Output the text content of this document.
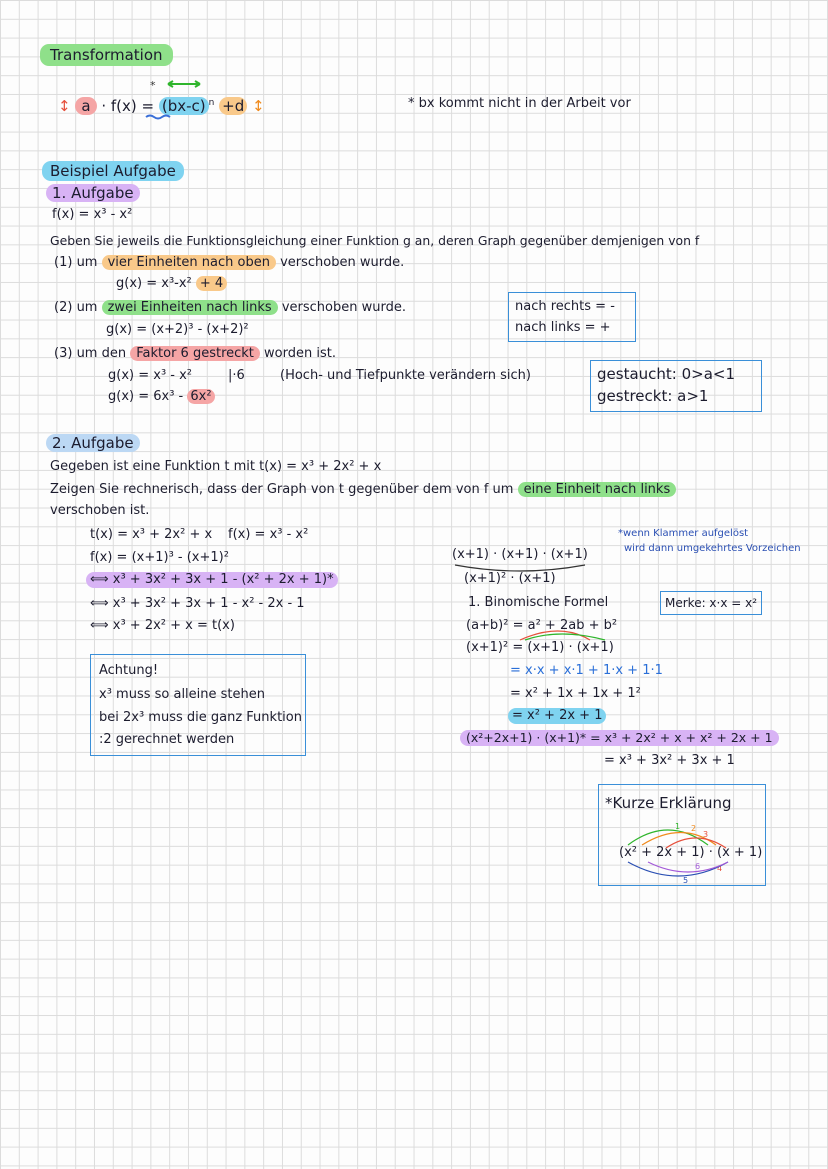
Transformation
↕ a · f(x) = (bx-c) $^n$ +d ↕
*
* bx kommt nicht in der Arbeit vor
Beispiel Aufgabe
1. Aufgabe
f(x) = x³ - x²
Geben Sie jeweils die Funktionsgleichung einer Funktion g an, deren Graph gegenüber demjenigen von f
(1) um vier Einheiten nach oben verschoben wurde.
g(x) = x³-x² + 4
(2) um zwei Einheiten nach links verschoben wurde.
g(x) = (x+2)³ - (x+2)²
nach rechts = -
nach links = +
(3) um den Faktor 6 gestreckt worden ist.
g(x) = x³ - x²	|·6	(Hoch- und Tiefpunkte verändern sich)
g(x) = 6x³ - 6x²
gestaucht: 0>a<1
gestreckt: a>1
2. Aufgabe
Gegeben ist eine Funktion t mit t(x) = x³ + 2x² + x
Zeigen Sie rechnerisch, dass der Graph von t gegenüber dem von f um eine Einheit nach links
verschoben ist.
t(x) = x³ + 2x² + x f(x) = x³ - x²
f(x) = (x+1)³ - (x+1)²
⟺ x³ + 3x² + 3x + 1 - (x² + 2x + 1)*
⟺ x³ + 3x² + 3x + 1 - x² - 2x - 1
⟺ x³ + 2x² + x = t(x)
Achtung!
x³ muss so alleine stehen
bei 2x³ muss die ganz Funktion
:2 gerechnet werden
*wenn Klammer aufgelöst
wird dann umgekehrtes Vorzeichen
(x+1) · (x+1) · (x+1)
(x+1)² · (x+1)
1. Binomische Formel	Merke: x·x = x²
(a+b)² = a² + 2ab + b²
(x+1)² = (x+1) · (x+1)
= x·x + x·1 + 1·x + 1·1
= x² + 1x + 1x + 1²
= x² + 2x + 1
(x²+2x+1) · (x+1)* = x³ + 2x² + x + x² + 2x + 1
= x³ + 3x² + 3x + 1
*Kurze Erklärung
(x² + 2x + 1) · (x + 1)
1 2
3
4
5
6
